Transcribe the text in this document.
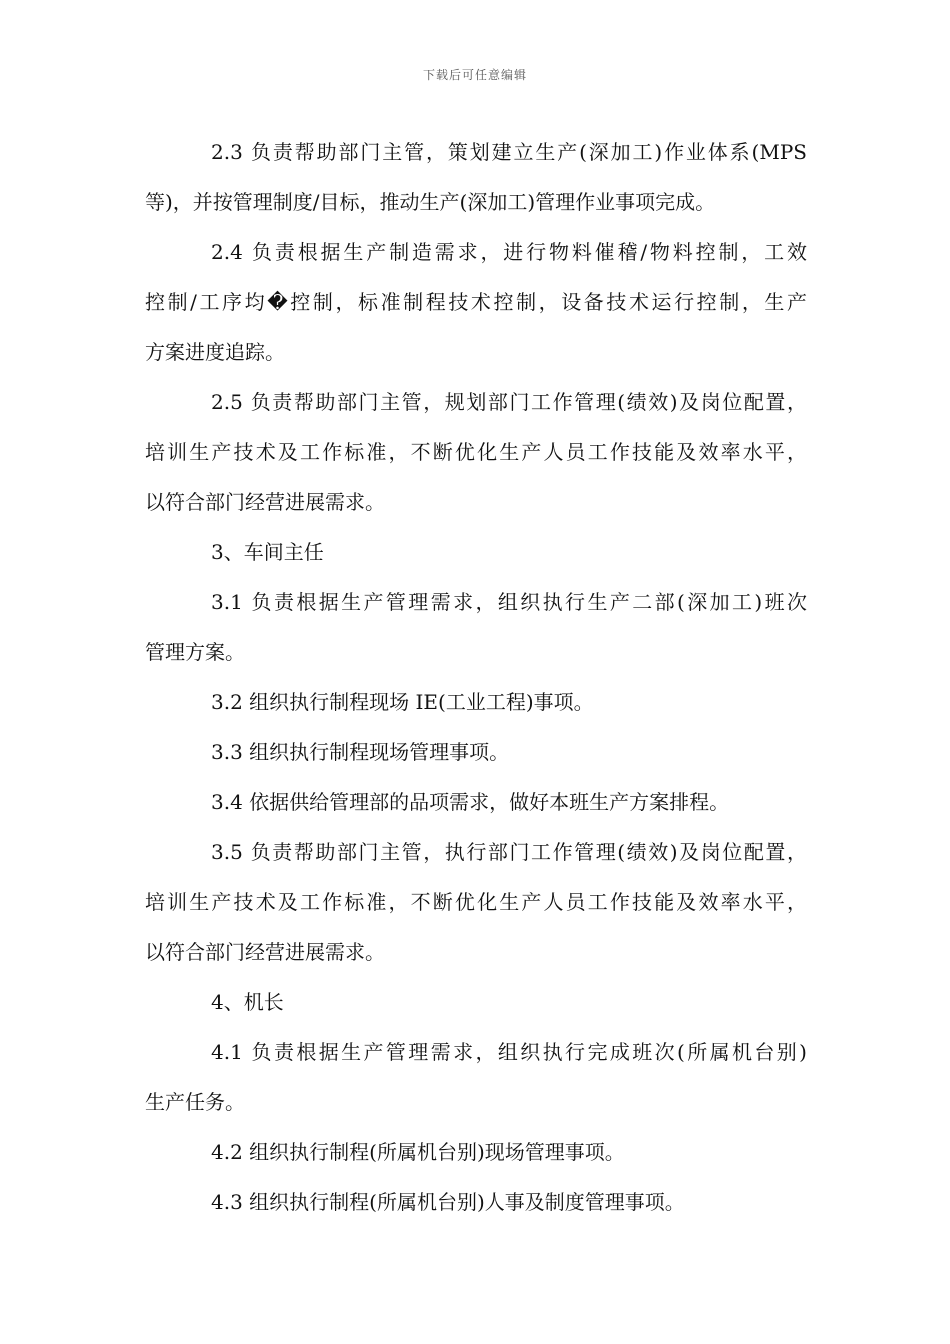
下载后可任意编辑
2.3 负责帮助部门主管，策划建立生产(深加工)作业体系(MPS
等)，并按管理制度/目标，推动生产(深加工)管理作业事项完成。
2.4 负责根据生产制造需求，进行物料催稽/物料控制，工效
控制/工序均�控制，标准制程技术控制，设备技术运行控制，生产
方案进度追踪。
2.5 负责帮助部门主管，规划部门工作管理(绩效)及岗位配置，
培训生产技术及工作标准，不断优化生产人员工作技能及效率水平，
以符合部门经营进展需求。
3、车间主任
3.1 负责根据生产管理需求，组织执行生产二部(深加工)班次
管理方案。
3.2 组织执行制程现场 IE(工业工程)事项。
3.3 组织执行制程现场管理事项。
3.4 依据供给管理部的品项需求，做好本班生产方案排程。
3.5 负责帮助部门主管，执行部门工作管理(绩效)及岗位配置，
培训生产技术及工作标准，不断优化生产人员工作技能及效率水平，
以符合部门经营进展需求。
4、机长
4.1 负责根据生产管理需求，组织执行完成班次(所属机台别)
生产任务。
4.2 组织执行制程(所属机台别)现场管理事项。
4.3 组织执行制程(所属机台别)人事及制度管理事项。
